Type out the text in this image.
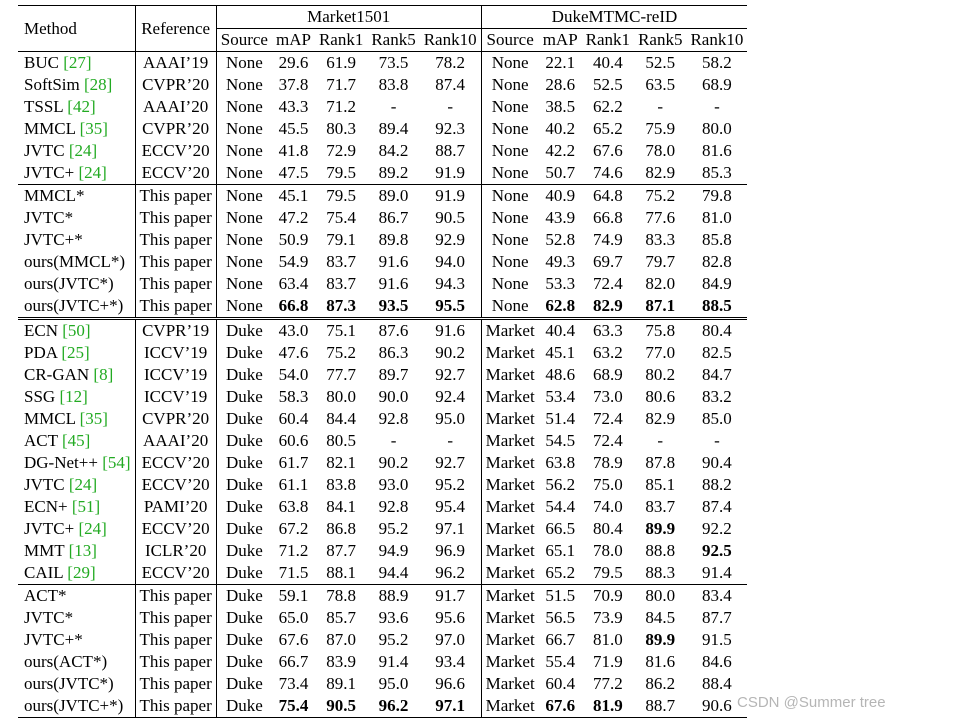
Method	Reference	Market1501					DukeMTMC-reID				
		Source	mAP	Rank1	Rank5	Rank10	Source	mAP	Rank1	Rank5	Rank10
BUC [27]	AAAI’19	None	29.6	61.9	73.5	78.2	None	22.1	40.4	52.5	58.2
SoftSim [28]	CVPR’20	None	37.8	71.7	83.8	87.4	None	28.6	52.5	63.5	68.9
TSSL [42]	AAAI’20	None	43.3	71.2	-	-	None	38.5	62.2	-	-
MMCL [35]	CVPR’20	None	45.5	80.3	89.4	92.3	None	40.2	65.2	75.9	80.0
JVTC [24]	ECCV’20	None	41.8	72.9	84.2	88.7	None	42.2	67.6	78.0	81.6
JVTC+ [24]	ECCV’20	None	47.5	79.5	89.2	91.9	None	50.7	74.6	82.9	85.3
MMCL*	This paper	None	45.1	79.5	89.0	91.9	None	40.9	64.8	75.2	79.8
JVTC*	This paper	None	47.2	75.4	86.7	90.5	None	43.9	66.8	77.6	81.0
JVTC+*	This paper	None	50.9	79.1	89.8	92.9	None	52.8	74.9	83.3	85.8
ours(MMCL*)	This paper	None	54.9	83.7	91.6	94.0	None	49.3	69.7	79.7	82.8
ours(JVTC*)	This paper	None	63.4	83.7	91.6	94.3	None	53.3	72.4	82.0	84.9
ours(JVTC+*)	This paper	None	66.8	87.3	93.5	95.5	None	62.8	82.9	87.1	88.5
ECN [50]	CVPR’19	Duke	43.0	75.1	87.6	91.6	Market	40.4	63.3	75.8	80.4
PDA [25]	ICCV’19	Duke	47.6	75.2	86.3	90.2	Market	45.1	63.2	77.0	82.5
CR-GAN [8]	ICCV’19	Duke	54.0	77.7	89.7	92.7	Market	48.6	68.9	80.2	84.7
SSG [12]	ICCV’19	Duke	58.3	80.0	90.0	92.4	Market	53.4	73.0	80.6	83.2
MMCL [35]	CVPR’20	Duke	60.4	84.4	92.8	95.0	Market	51.4	72.4	82.9	85.0
ACT [45]	AAAI’20	Duke	60.6	80.5	-	-	Market	54.5	72.4	-	-
DG-Net++ [54]	ECCV’20	Duke	61.7	82.1	90.2	92.7	Market	63.8	78.9	87.8	90.4
JVTC [24]	ECCV’20	Duke	61.1	83.8	93.0	95.2	Market	56.2	75.0	85.1	88.2
ECN+ [51]	PAMI’20	Duke	63.8	84.1	92.8	95.4	Market	54.4	74.0	83.7	87.4
JVTC+ [24]	ECCV’20	Duke	67.2	86.8	95.2	97.1	Market	66.5	80.4	89.9	92.2
MMT [13]	ICLR’20	Duke	71.2	87.7	94.9	96.9	Market	65.1	78.0	88.8	92.5
CAIL [29]	ECCV’20	Duke	71.5	88.1	94.4	96.2	Market	65.2	79.5	88.3	91.4
ACT*	This paper	Duke	59.1	78.8	88.9	91.7	Market	51.5	70.9	80.0	83.4
JVTC*	This paper	Duke	65.0	85.7	93.6	95.6	Market	56.5	73.9	84.5	87.7
JVTC+*	This paper	Duke	67.6	87.0	95.2	97.0	Market	66.7	81.0	89.9	91.5
ours(ACT*)	This paper	Duke	66.7	83.9	91.4	93.4	Market	55.4	71.9	81.6	84.6
ours(JVTC*)	This paper	Duke	73.4	89.1	95.0	96.6	Market	60.4	77.2	86.2	88.4
ours(JVTC+*)	This paper	Duke	75.4	90.5	96.2	97.1	Market	67.6	81.9	88.7	90.6 CSDN @Summer tree
